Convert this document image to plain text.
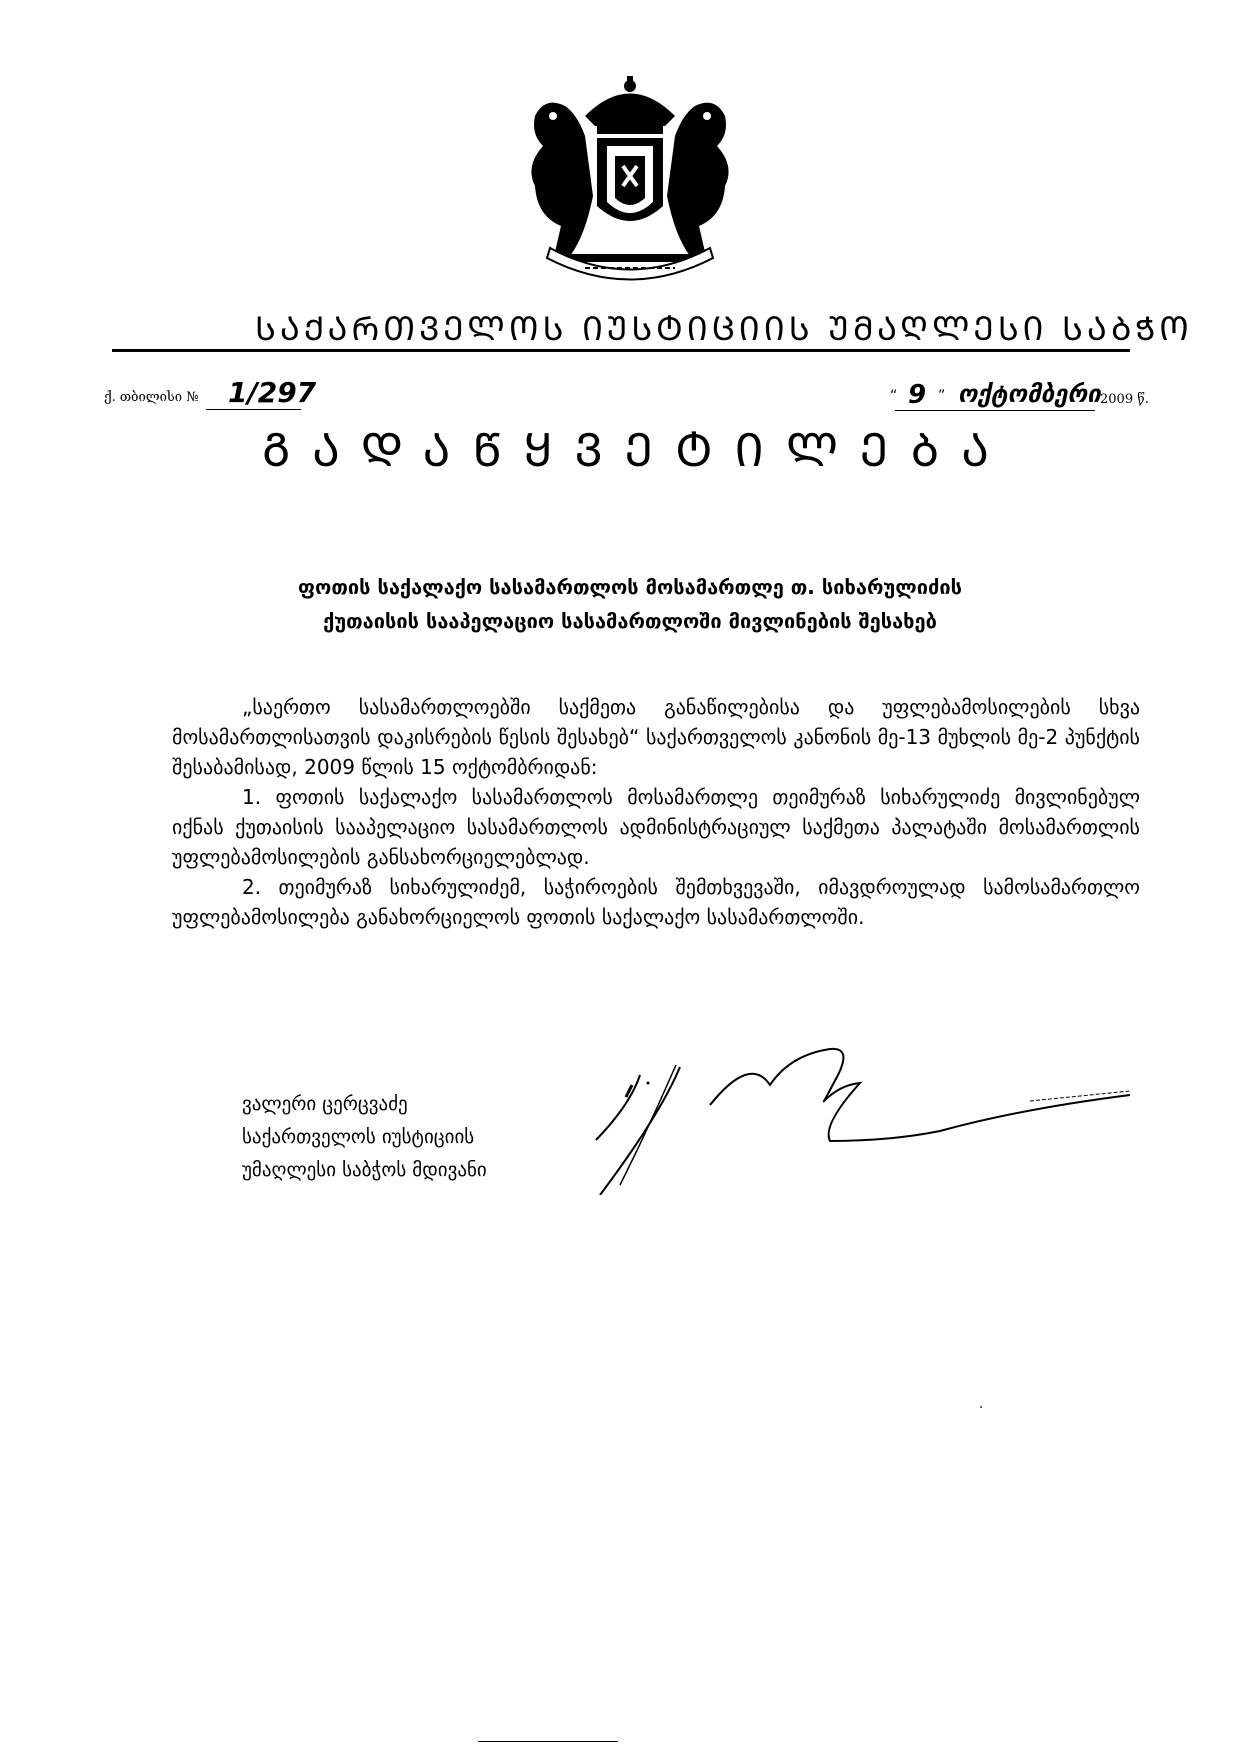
ᲡᲐᲥᲐᲠᲗᲕᲔᲚᲝᲡ ᲘᲣᲡᲢᲘᲪᲘᲘᲡ ᲣᲛᲐᲦᲚᲔᲡᲘ ᲡᲐᲑᲭᲝ
ქ. თბილისი № 1/297	“ 9 ” ოქტომბერი 2009 წ.
ᲒᲐᲓᲐᲬᲧᲕᲔᲢᲘᲚᲔᲑᲐ
ფოთის საქალაქო სასამართლოს მოსამართლე თ. სიხარულიძის
ქუთაისის სააპელაციო სასამართლოში მივლინების შესახებ

„საერთო სასამართლოებში საქმეთა განაწილებისა და უფლებამოსილების სხვა მოსამართლისათვის დაკისრების წესის შესახებ“ საქართველოს კანონის მე-13 მუხლის მე-2 პუნქტის შესაბამისად, 2009 წლის 15 ოქტომბრიდან:

1. ფოთის საქალაქო სასამართლოს მოსამართლე თეიმურაზ სიხარულიძე მივლინებულ იქნას ქუთაისის სააპელაციო სასამართლოს ადმინისტრაციულ საქმეთა პალატაში მოსამართლის უფლებამოსილების განსახორციელებლად.

2. თეიმურაზ სიხარულიძემ, საჭიროების შემთხვევაში, იმავდროულად სამოსამართლო უფლებამოსილება განახორციელოს ფოთის საქალაქო სასამართლოში.

ვალერი ცერცვაძე
საქართველოს იუსტიციის
უმაღლესი საბჭოს მდივანი
